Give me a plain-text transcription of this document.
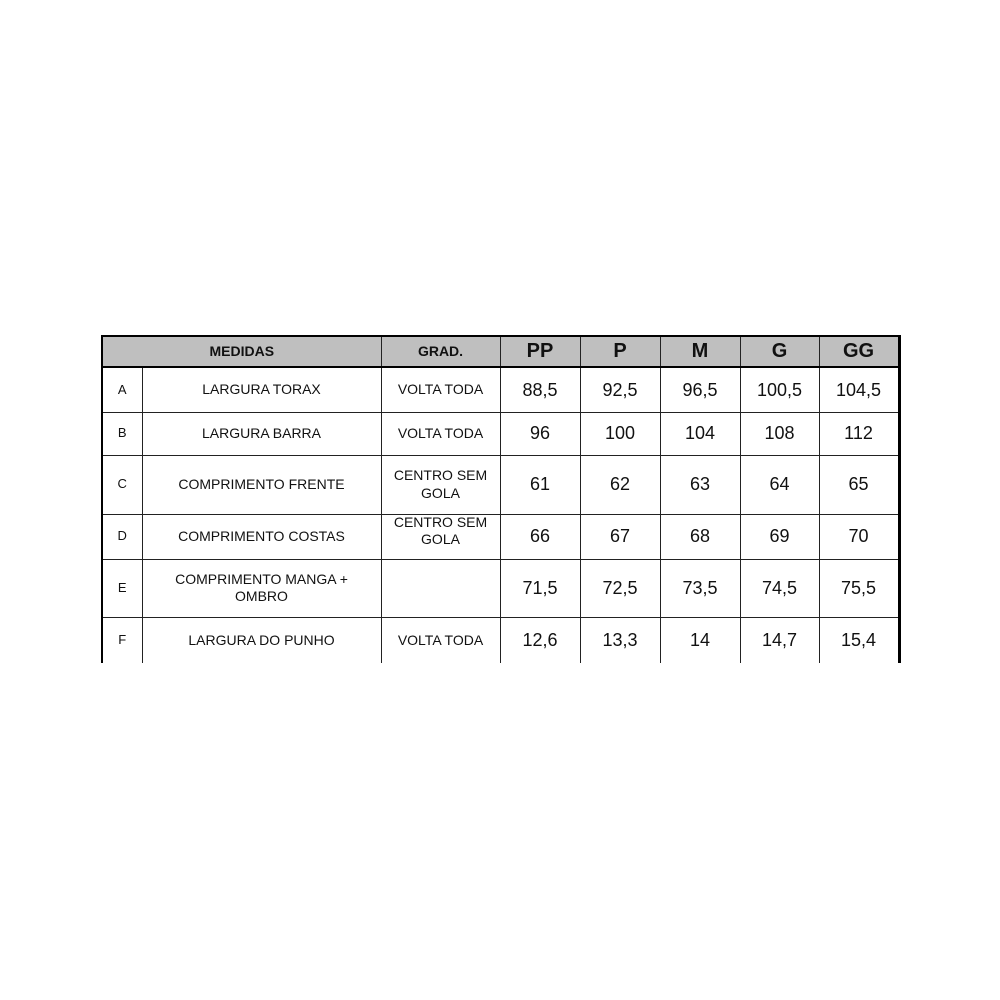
MEDIDAS		GRAD.	PP	P	M	G	GG
A	LARGURA TORAX	VOLTA TODA	88,5	92,5	96,5	100,5	104,5
B	LARGURA BARRA	VOLTA TODA	96	100	104	108	112
C	COMPRIMENTO FRENTE	CENTRO SEM GOLA	61	62	63	64	65
D	COMPRIMENTO COSTAS	CENTRO SEM GOLA	66	67	68	69	70
E	COMPRIMENTO MANGA + OMBRO		71,5	72,5	73,5	74,5	75,5
F	LARGURA DO PUNHO	VOLTA TODA	12,6	13,3	14	14,7	15,4
